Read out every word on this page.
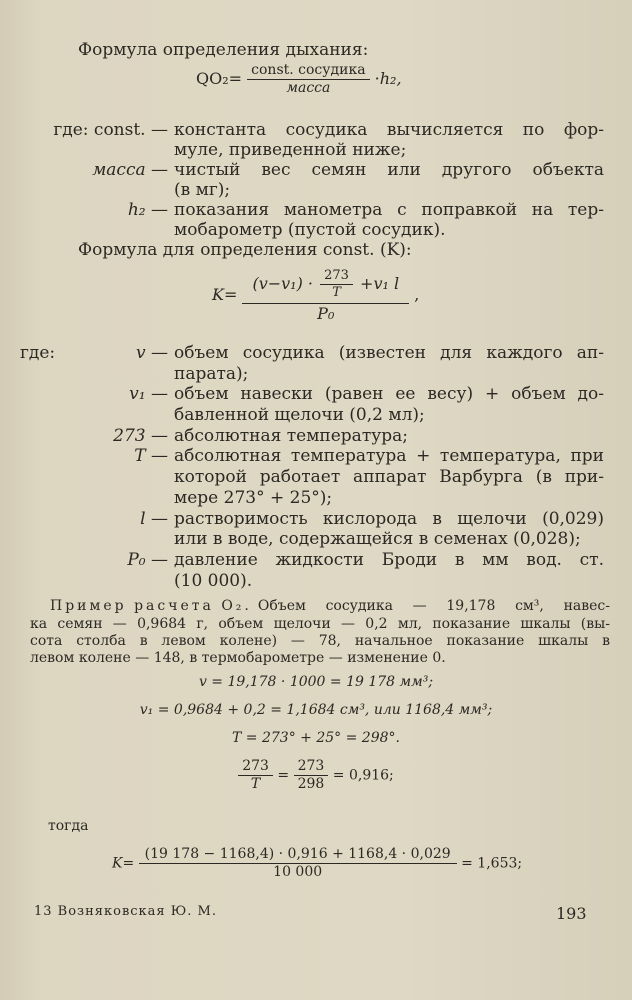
Формула определения дыхания:
$QO_2= \frac{\text{const. сосудика}}{\text{масса}} \cdot h_2$,
где: const. — константа сосудика вычисляется по фор-
муле, приведенной ниже;
масса — чистый вес семян или другого объекта
(в мг);
h₂ — показания манометра с поправкой на тер-
мобарометр (пустой сосудик).
Формула для определения const. (K):
K=
$(v-v_1) \cdot \frac{273}{T} +v_1$ l
P₀
,
где:	v — объем сосудика (известен для каждого ап-
парата);
v₁ — объем навески (равен ее весу) + объем до-
бавленной щелочи (0,2 мл);
273 — абсолютная температура;
T — абсолютная температура + температура, при
которой работает аппарат Варбурга (в при-
мере 273° + 25°);
l — растворимость кислорода в щелочи (0,029)
или в воде, содержащейся в семенах (0,028);
P₀ — давление жидкости Броди в мм вод. ст.
(10 000).
Пример расчета O₂. Объем сосудика — 19,178 см³, навес-
ка семян — 0,9684 г, объем щелочи — 0,2 мл, показание шкалы (вы-
сота столба в левом колене) — 78, начальное показание шкалы в
левом колене — 148, в термобарометре — изменение 0.
v = 19,178 · 1000 = 19 178 мм³;
v₁ = 0,9684 + 0,2 = 1,1684 см³, или 1168,4 мм³;
T = 273° + 25° = 298°.
$\frac{273}{T} = \frac{273}{298} = 0,916$;
тогда
$K= \frac{(19 178 - 1168,4) \cdot 0,916 + 1168,4 \cdot 0,029}{10 000} = 1,653$;
13 Возняковская Ю. М.	193
